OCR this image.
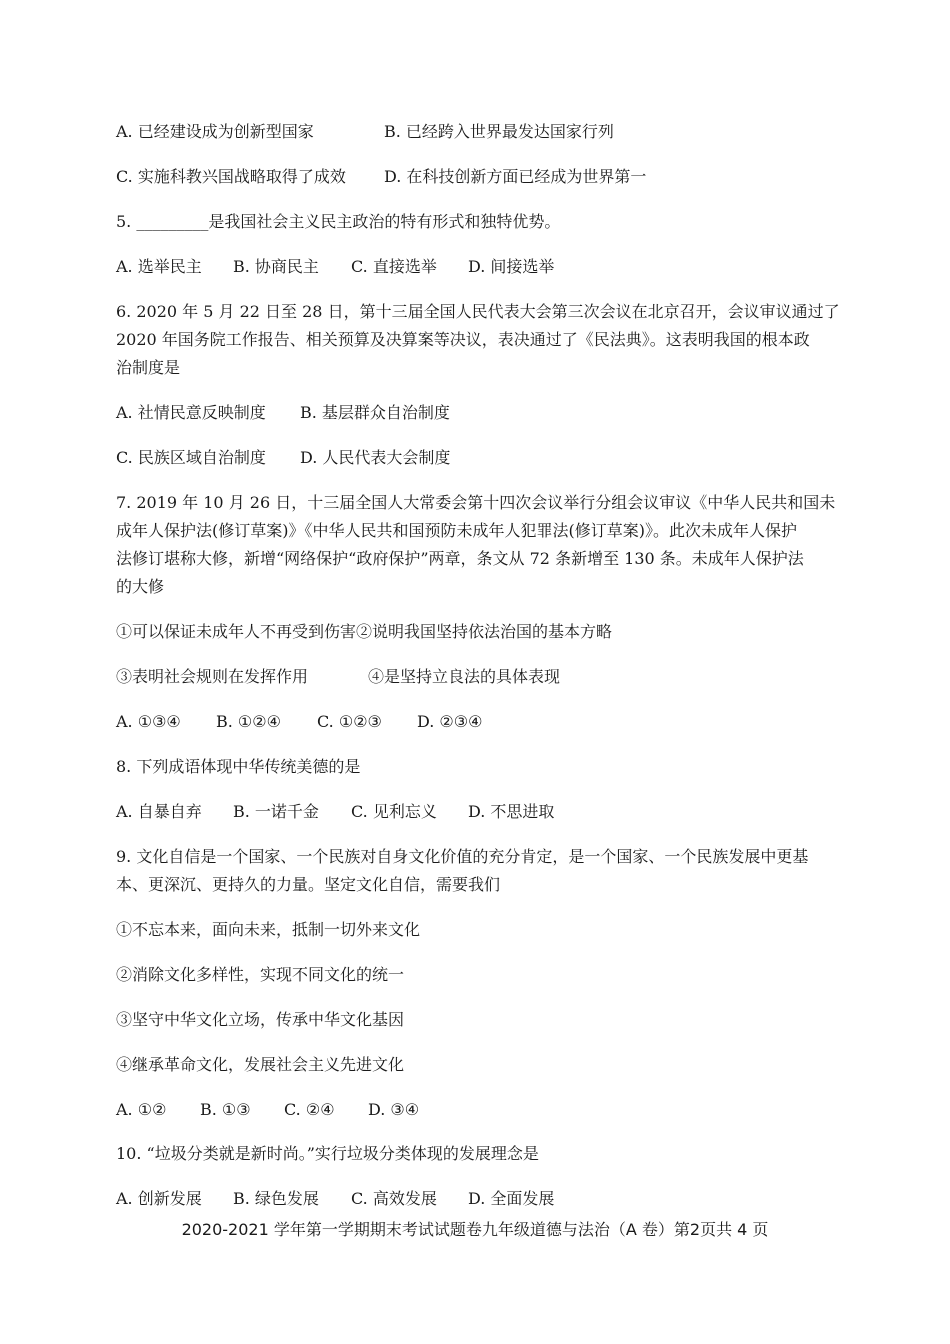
A. 已经建设成为创新型国家	B. 已经跨入世界最发达国家行列
C. 实施科教兴国战略取得了成效 D. 在科技创新方面已经成为世界第一
5. _________是我国社会主义民主政治的特有形式和独特优势。
A. 选举民主 B. 协商民主 C. 直接选举 D. 间接选举
6. 2020 年 5 月 22 日至 28 日，第十三届全国人民代表大会第三次会议在北京召开，会议审议通过了
2020 年国务院工作报告、相关预算及决算案等决议，表决通过了《民法典》。这表明我国的根本政
治制度是
A. 社情民意反映制度 B. 基层群众自治制度
C. 民族区域自治制度 D. 人民代表大会制度
7. 2019 年 10 月 26 日，十三届全国人大常委会第十四次会议举行分组会议审议《中华人民共和国未
成年人保护法(修订草案)》《中华人民共和国预防未成年人犯罪法(修订草案)》。此次未成年人保护
法修订堪称大修，新增“网络保护“政府保护”两章，条文从 72 条新增至 130 条。未成年人保护法
的大修
①可以保证未成年人不再受到伤害②说明我国坚持依法治国的基本方略
③表明社会规则在发挥作用	④是坚持立良法的具体表现
A. ①③④ B. ①②④ C. ①②③ D. ②③④
8. 下列成语体现中华传统美德的是
A. 自暴自弃 B. 一诺千金 C. 见利忘义 D. 不思进取
9. 文化自信是一个国家、一个民族对自身文化价值的充分肯定，是一个国家、一个民族发展中更基
本、更深沉、更持久的力量。坚定文化自信，需要我们
①不忘本来，面向未来，抵制一切外来文化
②消除文化多样性，实现不同文化的统一
③坚守中华文化立场，传承中华文化基因
④继承革命文化，发展社会主义先进文化
A. ①② B. ①③ C. ②④ D. ③④
10. “垃圾分类就是新时尚。”实行垃圾分类体现的发展理念是
A. 创新发展 B. 绿色发展 C. 高效发展 D. 全面发展
2020-2021 学年第一学期期末考试试题卷九年级道德与法治（A 卷）第2页共 4 页
